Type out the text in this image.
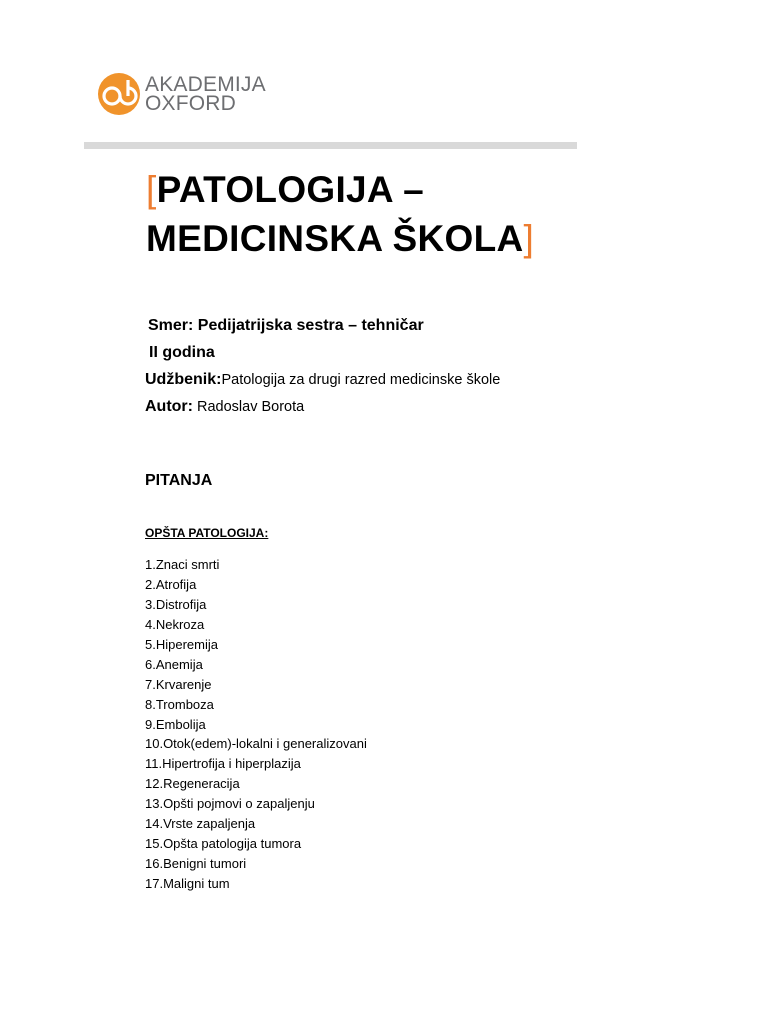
AKADEMIJA
OXFORD
[PATOLOGIJA –
MEDICINSKA ŠKOLA]
Smer: Pedijatrijska sestra – tehničar
II godina
Udžbenik:Patologija za drugi razred medicinske škole
Autor: Radoslav Borota
PITANJA
OPŠTA PATOLOGIJA:
1.Znaci smrti
2.Atrofija
3.Distrofija
4.Nekroza
5.Hiperemija
6.Anemija
7.Krvarenje
8.Tromboza
9.Embolija
10.Otok(edem)-lokalni i generalizovani
11.Hipertrofija i hiperplazija
12.Regeneracija
13.Opšti pojmovi o zapaljenju
14.Vrste zapaljenja
15.Opšta patologija tumora
16.Benigni tumori
17.Maligni tum
